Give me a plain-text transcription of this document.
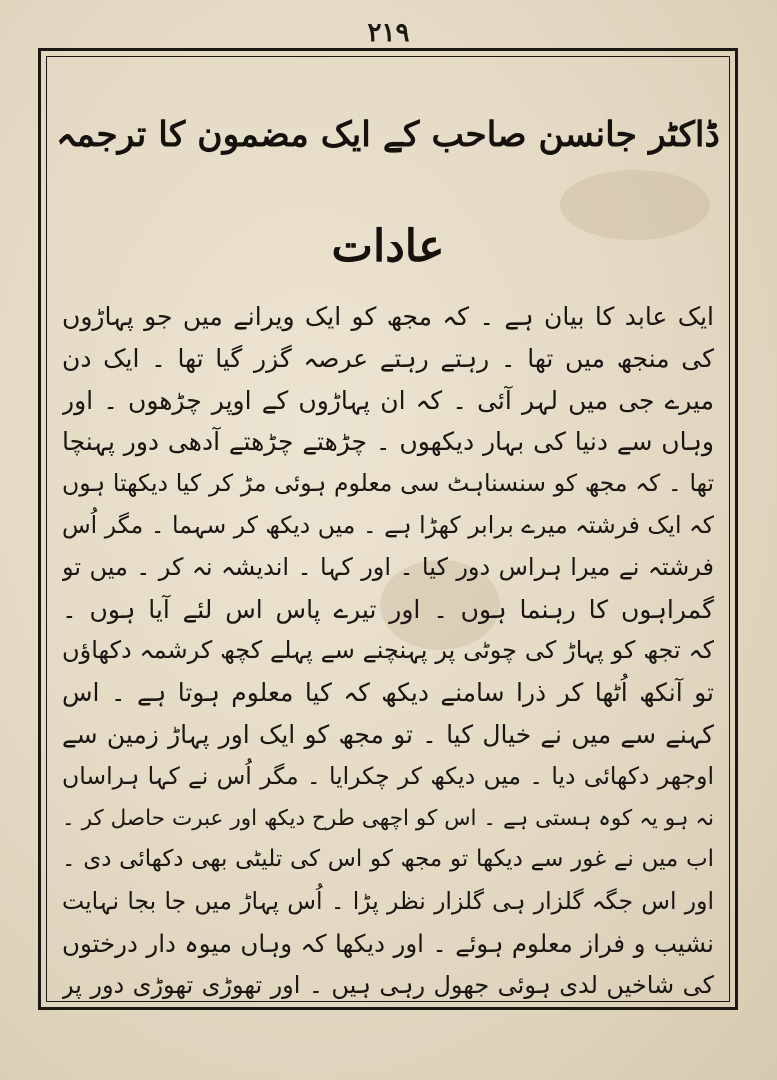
۲۱۹
ڈاکٹر جانسن صاحب کے ایک مضمون کا ترجمہ
عادات
ایک عابد کا بیان ہے ۔ کہ مجھ کو ایک ویرانے میں جو پہاڑوں
کی منجھ میں تھا ۔ رہتے رہتے عرصہ گزر گیا تھا ۔ ایک دن
میرے جی میں لہر آئی ۔ کہ ان پہاڑوں کے اوپر چڑھوں ۔ اور
وہاں سے دنیا کی بہار دیکھوں ۔ چڑھتے چڑھتے آدھی دور پہنچا
تھا ۔ کہ مجھ کو سنسناہٹ سی معلوم ہوئی مڑ کر کیا دیکھتا ہوں
کہ ایک فرشتہ میرے برابر کھڑا ہے ۔ میں دیکھ کر سہما ۔ مگر اُس
فرشتہ نے میرا ہراس دور کیا ۔ اور کہا ۔ اندیشہ نہ کر ۔ میں تو
گمراہوں کا رہنما ہوں ۔ اور تیرے پاس اس لئے آیا ہوں ۔
کہ تجھ کو پہاڑ کی چوٹی پر پہنچنے سے پہلے کچھ کرشمہ دکھاؤں
تو آنکھ اُٹھا کر ذرا سامنے دیکھ کہ کیا معلوم ہوتا ہے ۔ اس
کہنے سے میں نے خیال کیا ۔ تو مجھ کو ایک اور پہاڑ زمین سے
اوجھر دکھائی دیا ۔ میں دیکھ کر چکرایا ۔ مگر اُس نے کہا ہراساں
نہ ہو یہ کوہ ہستی ہے ۔ اس کو اچھی طرح دیکھ اور عبرت حاصل کر ۔
اب میں نے غور سے دیکھا تو مجھ کو اس کی تلیٹی بھی دکھائی دی ۔
اور اس جگہ گلزار ہی گلزار نظر پڑا ۔ اُس پہاڑ میں جا بجا نہایت
نشیب و فراز معلوم ہوئے ۔ اور دیکھا کہ وہاں میوہ دار درختوں
کی شاخیں لدی ہوئی جھول رہی ہیں ۔ اور تھوڑی تھوڑی دور پر
